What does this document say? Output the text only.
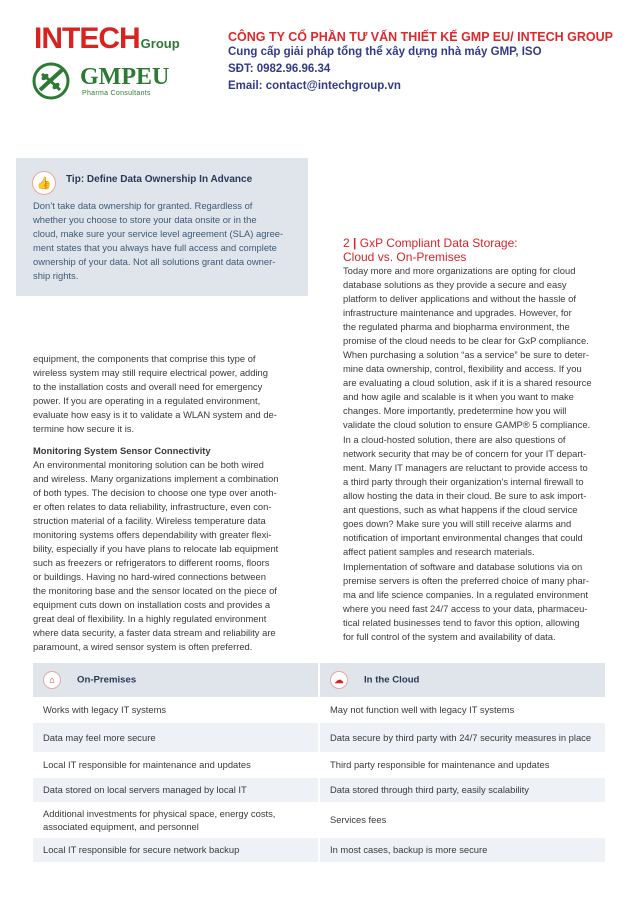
INTECHGroup
GMPEU
Pharma Consultants
CÔNG TY CỔ PHẦN TƯ VẤN THIẾT KẾ GMP EU/ INTECH GROUP
Cung cấp giải pháp tổng thể xây dựng nhà máy GMP, ISO
SĐT: 0982.96.96.34
Email: contact@intechgroup.vn
👍	Tip: Define Data Ownership In Advance
Don’t take data ownership for granted. Regardless of
whether you choose to store your data onsite or in the
cloud, make sure your service level agreement (SLA) agree-
ment states that you always have full access and complete
ownership of your data. Not all solutions grant data owner-
ship rights.
equipment, the components that comprise this type of
wireless system may still require electrical power, adding
to the installation costs and overall need for emergency
power. If you are operating in a regulated environment,
evaluate how easy is it to validate a WLAN system and de-
termine how secure it is.
Monitoring System Sensor Connectivity
An environmental monitoring solution can be both wired
and wireless. Many organizations implement a combination
of both types. The decision to choose one type over anoth-
er often relates to data reliability, infrastructure, even con-
struction material of a facility. Wireless temperature data
monitoring systems offers dependability with greater flexi-
bility, especially if you have plans to relocate lab equipment
such as freezers or refrigerators to different rooms, floors
or buildings. Having no hard-wired connections between
the monitoring base and the sensor located on the piece of
equipment cuts down on installation costs and provides a
great deal of flexibility. In a highly regulated environment
where data security, a faster data stream and reliability are
paramount, a wired sensor system is often preferred.
2 | GxP Compliant Data Storage:
Cloud vs. On-Premises
Today more and more organizations are opting for cloud
database solutions as they provide a secure and easy
platform to deliver applications and without the hassle of
infrastructure maintenance and upgrades. However, for
the regulated pharma and biopharma environment, the
promise of the cloud needs to be clear for GxP compliance.
When purchasing a solution “as a service” be sure to deter-
mine data ownership, control, flexibility and access. If you
are evaluating a cloud solution, ask if it is a shared resource
and how agile and scalable is it when you want to make
changes. More importantly, predetermine how you will
validate the cloud solution to ensure GAMP® 5 compliance.
In a cloud-hosted solution, there are also questions of
network security that may be of concern for your IT depart-
ment. Many IT managers are reluctant to provide access to
a third party through their organization’s internal firewall to
allow hosting the data in their cloud. Be sure to ask import-
ant questions, such as what happens if the cloud service
goes down? Make sure you will still receive alarms and
notification of important environmental changes that could
affect patient samples and research materials.
Implementation of software and database solutions via on
premise servers is often the preferred choice of many phar-
ma and life science companies. In a regulated environment
where you need fast 24/7 access to your data, pharmaceu-
tical related businesses tend to favor this option, allowing
for full control of the system and availability of data.
⌂ On-Premises	☁ In the Cloud
Works with legacy IT systems	May not function well with legacy IT systems
Data may feel more secure	Data secure by third party with 24/7 security measures in place
Local IT responsible for maintenance and updates	Third party responsible for maintenance and updates
Data stored on local servers managed by local IT	Data stored through third party, easily scalability
Additional investments for physical space, energy costs, associated equipment, and personnel	Services fees
Local IT responsible for secure network backup	In most cases, backup is more secure
